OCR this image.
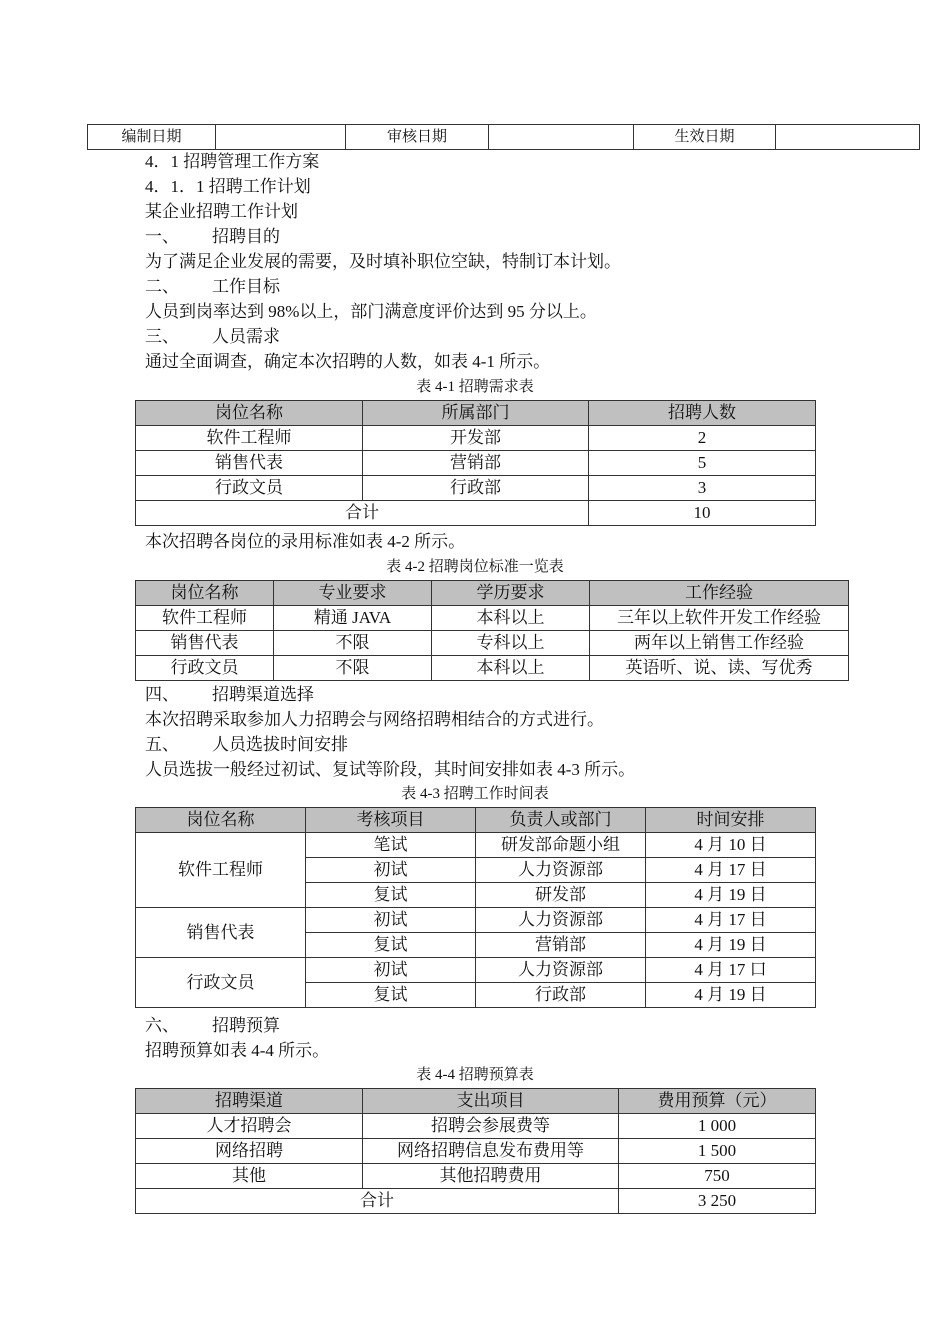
编制日期		审核日期		生效日期	
4．1 招聘管理工作方案
4．1．1 招聘工作计划
某企业招聘工作计划
一、 招聘目的
为了满足企业发展的需要，及时填补职位空缺，特制订本计划。
二、 工作目标
人员到岗率达到 98%以上，部门满意度评价达到 95 分以上。
三、 人员需求
通过全面调查，确定本次招聘的人数，如表 4-1 所示。
表 4-1 招聘需求表
岗位名称	所属部门	招聘人数
软件工程师	开发部	2
销售代表	营销部	5
行政文员	行政部	3
合计		10
本次招聘各岗位的录用标准如表 4-2 所示。
表 4-2 招聘岗位标准一览表
岗位名称	专业要求	学历要求	工作经验
软件工程师	精通 JAVA	本科以上	三年以上软件开发工作经验
销售代表	不限	专科以上	两年以上销售工作经验
行政文员	不限	本科以上	英语听、说、读、写优秀
四、 招聘渠道选择
本次招聘采取参加人力招聘会与网络招聘相结合的方式进行。
五、 人员选拔时间安排
人员选拔一般经过初试、复试等阶段，其时间安排如表 4-3 所示。
表 4-3 招聘工作时间表
岗位名称	考核项目	负责人或部门	时间安排
软件工程师	笔试	研发部命题小组	4 月 10 日
	初试	人力资源部	4 月 17 日
	复试	研发部	4 月 19 日
销售代表	初试	人力资源部	4 月 17 日
	复试	营销部	4 月 19 日
行政文员	初试	人力资源部	4 月 17 口
	复试	行政部	4 月 19 日
六、 招聘预算
招聘预算如表 4-4 所示。
表 4-4 招聘预算表
招聘渠道	支出项目	费用预算（元）
人才招聘会	招聘会参展费等	1 000
网络招聘	网络招聘信息发布费用等	1 500
其他	其他招聘费用	750
合计		3 250
